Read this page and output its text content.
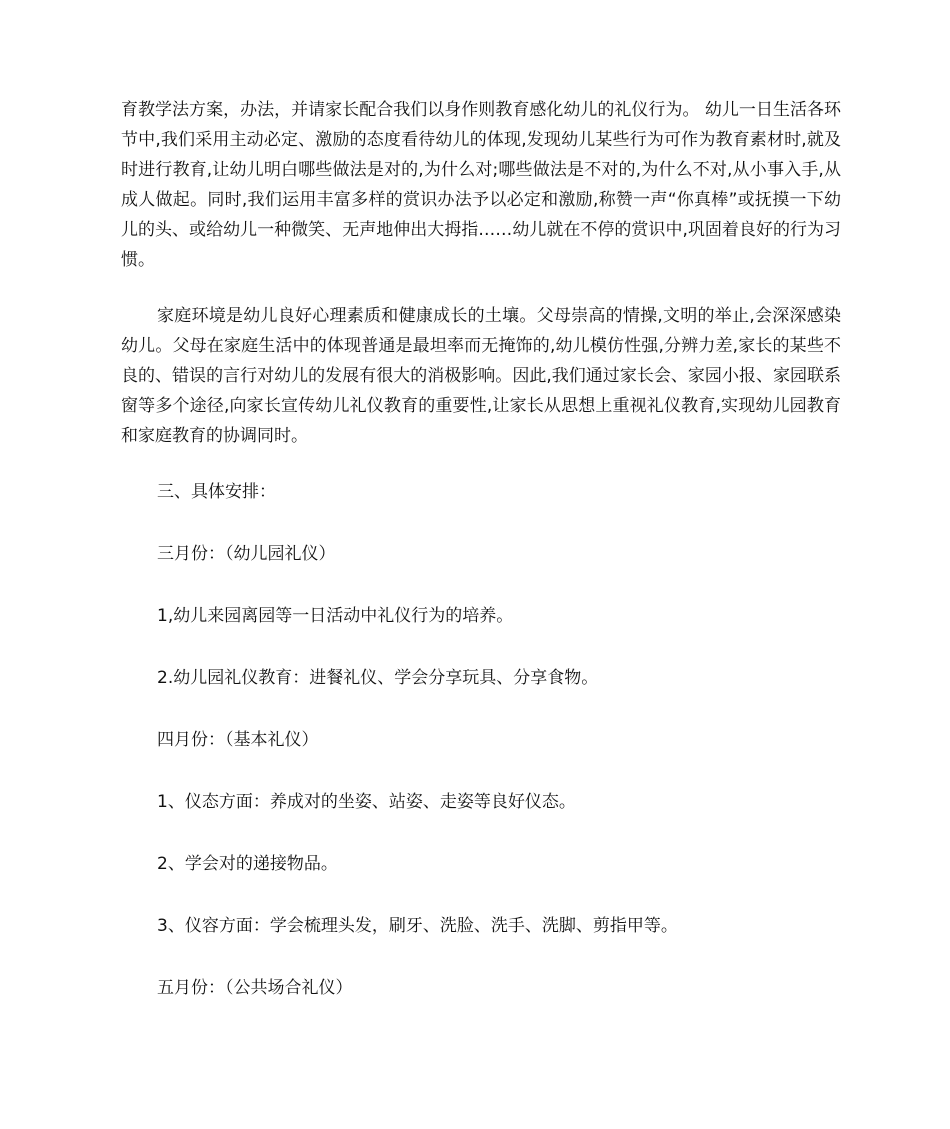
育教学法方案，办法，并请家长配合我们以身作则教育感化幼儿的礼仪行为。 幼儿一日生活各环节中,我们采用主动必定、激励的态度看待幼儿的体现,发现幼儿某些行为可作为教育素材时,就及时进行教育,让幼儿明白哪些做法是对的,为什么对;哪些做法是不对的,为什么不对,从小事入手,从成人做起。同时,我们运用丰富多样的赏识办法予以必定和激励,称赞一声“你真棒”或抚摸一下幼儿的头、或给幼儿一种微笑、无声地伸出大拇指……幼儿就在不停的赏识中,巩固着良好的行为习惯。

家庭环境是幼儿良好心理素质和健康成长的土壤。父母崇高的情操,文明的举止,会深深感染幼儿。父母在家庭生活中的体现普通是最坦率而无掩饰的,幼儿模仿性强,分辨力差,家长的某些不良的、错误的言行对幼儿的发展有很大的消极影响。因此,我们通过家长会、家园小报、家园联系窗等多个途径,向家长宣传幼儿礼仪教育的重要性,让家长从思想上重视礼仪教育,实现幼儿园教育和家庭教育的协调同时。

三、具体安排：

三月份：（幼儿园礼仪）

1,幼儿来园离园等一日活动中礼仪行为的培养。

2.幼儿园礼仪教育：进餐礼仪、学会分享玩具、分享食物。

四月份：（基本礼仪）

1、仪态方面：养成对的坐姿、站姿、走姿等良好仪态。

2、学会对的递接物品。

3、仪容方面：学会梳理头发，刷牙、洗脸、洗手、洗脚、剪指甲等。

五月份：（公共场合礼仪）
